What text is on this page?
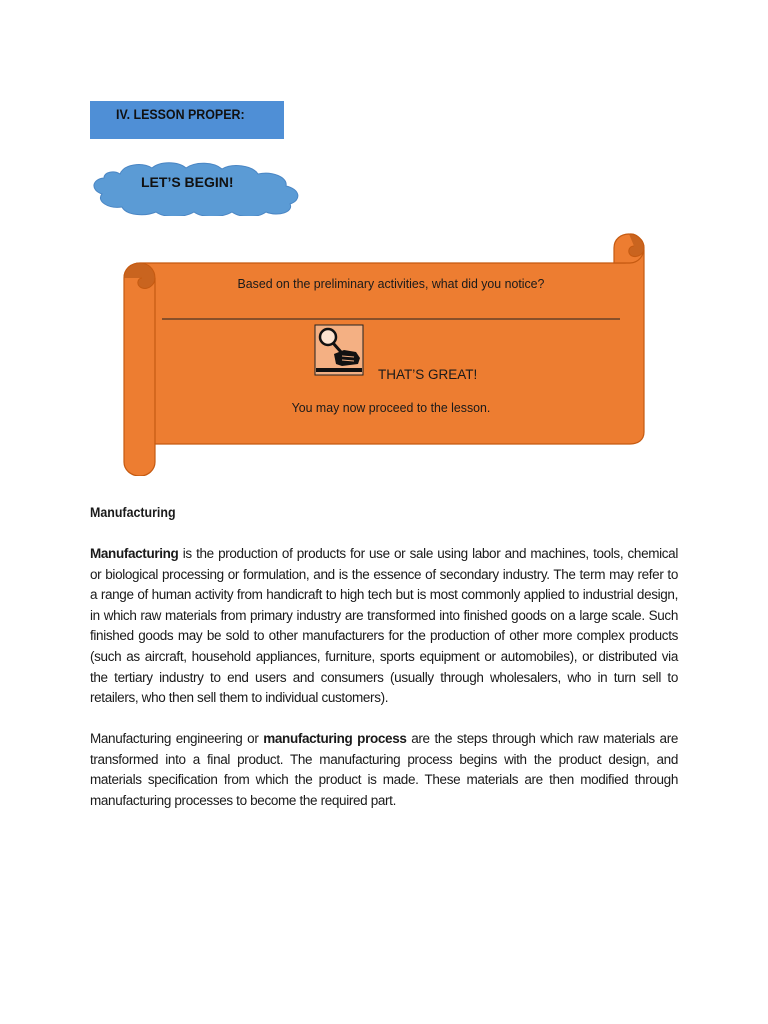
IV. LESSON PROPER:
LET’S BEGIN!
Based on the preliminary activities, what did you notice?
THAT’S GREAT!
You may now proceed to the lesson.
Manufacturing

Manufacturing is the production of products for use or sale using labor and machines, tools, chemical or biological processing or formulation, and is the essence of secondary industry. The term may refer to a range of human activity from handicraft to high tech but is most commonly applied to industrial design, in which raw materials from primary industry are transformed into finished goods on a large scale. Such finished goods may be sold to other manufacturers for the production of other more complex products (such as aircraft, household appliances, furniture, sports equipment or automobiles), or distributed via the tertiary industry to end users and consumers (usually through wholesalers, who in turn sell to retailers, who then sell them to individual customers).

Manufacturing engineering or manufacturing process are the steps through which raw materials are transformed into a final product. The manufacturing process begins with the product design, and materials specification from which the product is made. These materials are then modified through manufacturing processes to become the required part.
